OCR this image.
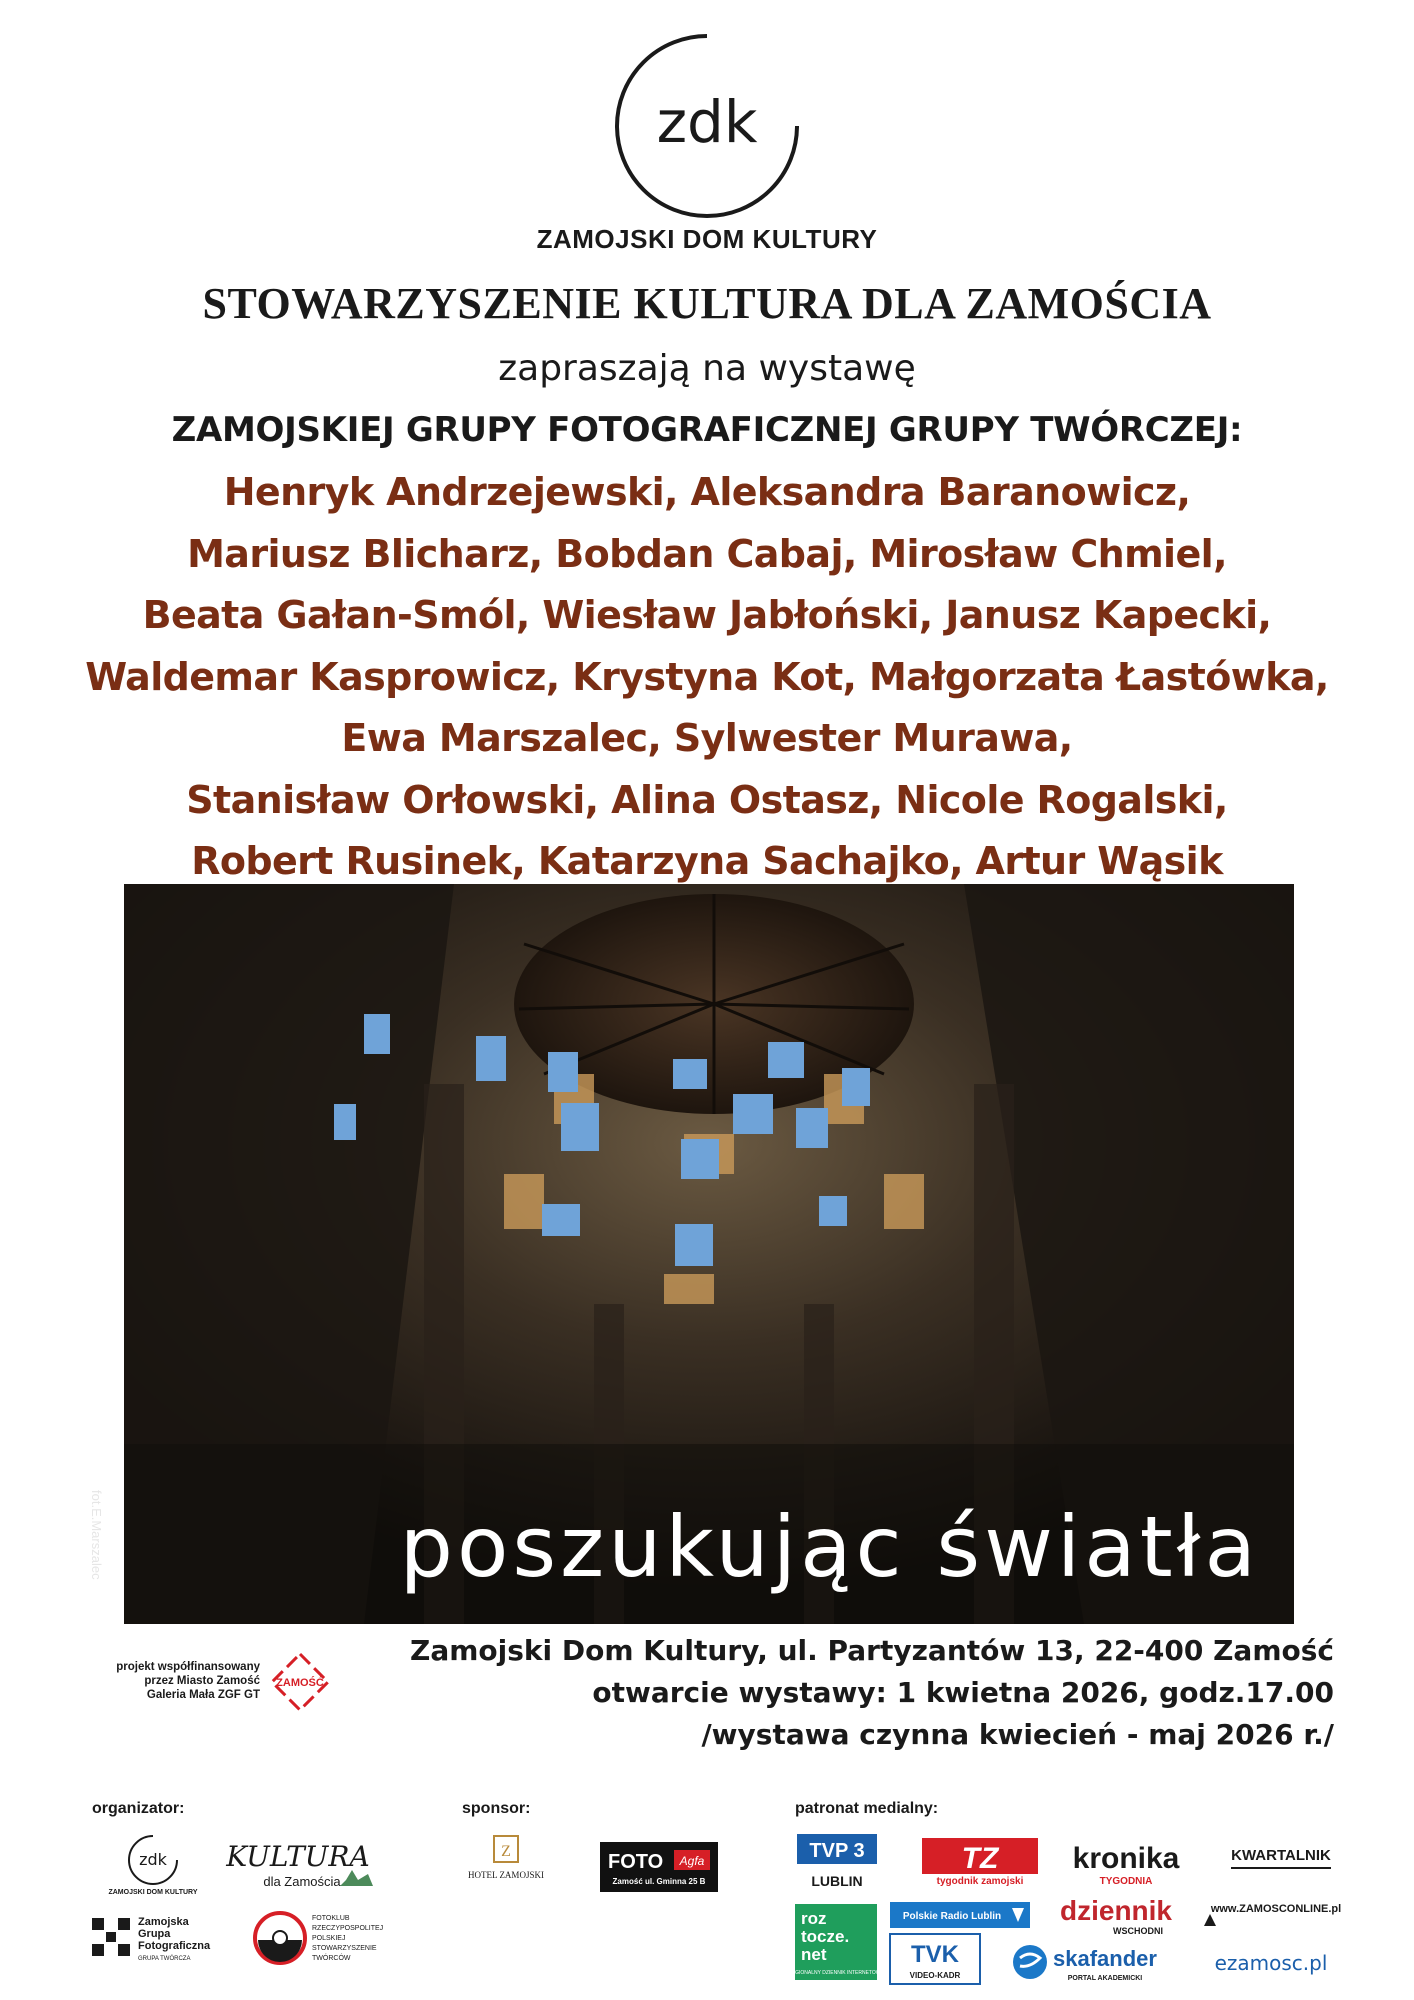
zdk
ZAMOJSKI DOM KULTURY
STOWARZYSZENIE KULTURA DLA ZAMOŚCIA
zapraszają na wystawę
ZAMOJSKIEJ GRUPY FOTOGRAFICZNEJ GRUPY TWÓRCZEJ:
Henryk Andrzejewski, Aleksandra Baranowicz,
Mariusz Blicharz, Bobdan Cabaj, Mirosław Chmiel,
Beata Gałan-Smól, Wiesław Jabłoński, Janusz Kapecki,
Waldemar Kasprowicz, Krystyna Kot, Małgorzata Łastówka,
Ewa Marszalec, Sylwester Murawa,
Stanisław Orłowski, Alina Ostasz, Nicole Rogalski,
Robert Rusinek, Katarzyna Sachajko, Artur Wąsik
poszukując światła
fot.E.Marszalec
projekt współfinansowany
przez Miasto Zamość
Galeria Mała ZGF GT
ZAMOŚĆ
Zamojski Dom Kultury, ul. Partyzantów 13, 22-400 Zamość
otwarcie wystawy: 1 kwietna 2026, godz.17.00
/wystawa czynna kwiecień - maj 2026 r./
organizator:	sponsor:	patronat medialny:
zdk
ZAMOJSKI DOM KULTURY
KULTURA
dla Zamościa
Zamojska
Grupa
Fotograficzna
GRUPA TWÓRCZA
FOTOKLUB
RZECZYPOSPOLITEJ
POLSKIEJ
STOWARZYSZENIE
TWÓRCÓW
Z
HOTEL ZAMOJSKI
FOTO Agfa
Zamość ul. Gminna 25 B
TVP 3
LUBLIN
TZ
tygodnik zamojski
kronika
TYGODNIA
KWARTALNIK
roz
tocze.
net
REGIONALNY DZIENNIK INTERNETOWY
Polskie Radio Lublin
TVK
VIDEO-KADR
dziennik
WSCHODNI
skafander
PORTAL AKADEMICKI
www.ZAMOSCONLINE.pl
ezamosc.pl
